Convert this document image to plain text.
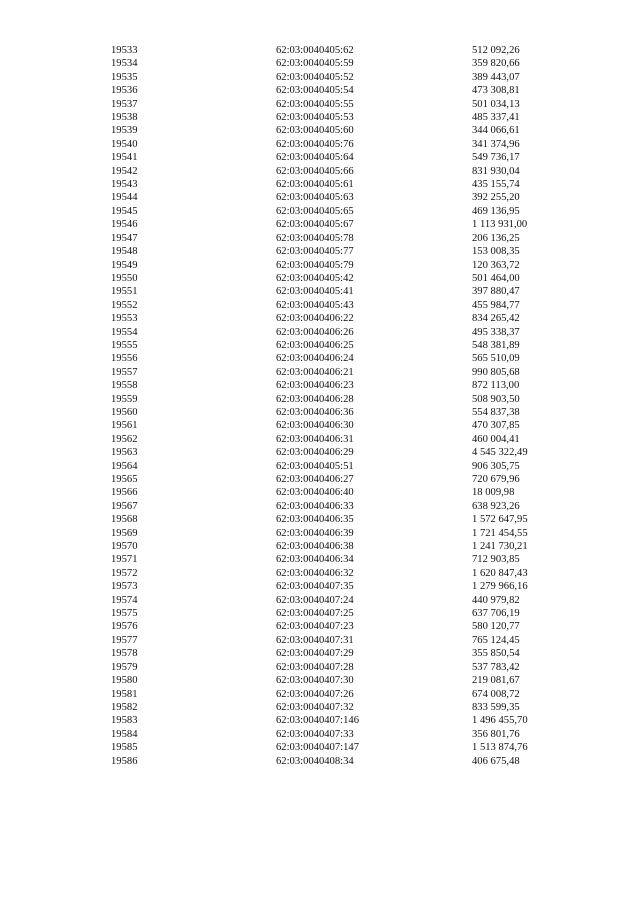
19533	62:03:0040405:62	512 092,26
19534	62:03:0040405:59	359 820,66
19535	62:03:0040405:52	389 443,07
19536	62:03:0040405:54	473 308,81
19537	62:03:0040405:55	501 034,13
19538	62:03:0040405:53	485 337,41
19539	62:03:0040405:60	344 066,61
19540	62:03:0040405:76	341 374,96
19541	62:03:0040405:64	549 736,17
19542	62:03:0040405:66	831 930,04
19543	62:03:0040405:61	435 155,74
19544	62:03:0040405:63	392 255,20
19545	62:03:0040405:65	469 136,95
19546	62:03:0040405:67	1 113 931,00
19547	62:03:0040405:78	206 136,25
19548	62:03:0040405:77	153 008,35
19549	62:03:0040405:79	120 363,72
19550	62:03:0040405:42	501 464,00
19551	62:03:0040405:41	397 880,47
19552	62:03:0040405:43	455 984,77
19553	62:03:0040406:22	834 265,42
19554	62:03:0040406:26	495 338,37
19555	62:03:0040406:25	548 381,89
19556	62:03:0040406:24	565 510,09
19557	62:03:0040406:21	990 805,68
19558	62:03:0040406:23	872 113,00
19559	62:03:0040406:28	508 903,50
19560	62:03:0040406:36	554 837,38
19561	62:03:0040406:30	470 307,85
19562	62:03:0040406:31	460 004,41
19563	62:03:0040406:29	4 545 322,49
19564	62:03:0040405:51	906 305,75
19565	62:03:0040406:27	720 679,96
19566	62:03:0040406:40	18 009,98
19567	62:03:0040406:33	638 923,26
19568	62:03:0040406:35	1 572 647,95
19569	62:03:0040406:39	1 721 454,55
19570	62:03:0040406:38	1 241 730,21
19571	62:03:0040406:34	712 903,85
19572	62:03:0040406:32	1 620 847,43
19573	62:03:0040407:35	1 279 966,16
19574	62:03:0040407:24	440 979,82
19575	62:03:0040407:25	637 706,19
19576	62:03:0040407:23	580 120,77
19577	62:03:0040407:31	765 124,45
19578	62:03:0040407:29	355 850,54
19579	62:03:0040407:28	537 783,42
19580	62:03:0040407:30	219 081,67
19581	62:03:0040407:26	674 008,72
19582	62:03:0040407:32	833 599,35
19583	62:03:0040407:146	1 496 455,70
19584	62:03:0040407:33	356 801,76
19585	62:03:0040407:147	1 513 874,76
19586	62:03:0040408:34	406 675,48
